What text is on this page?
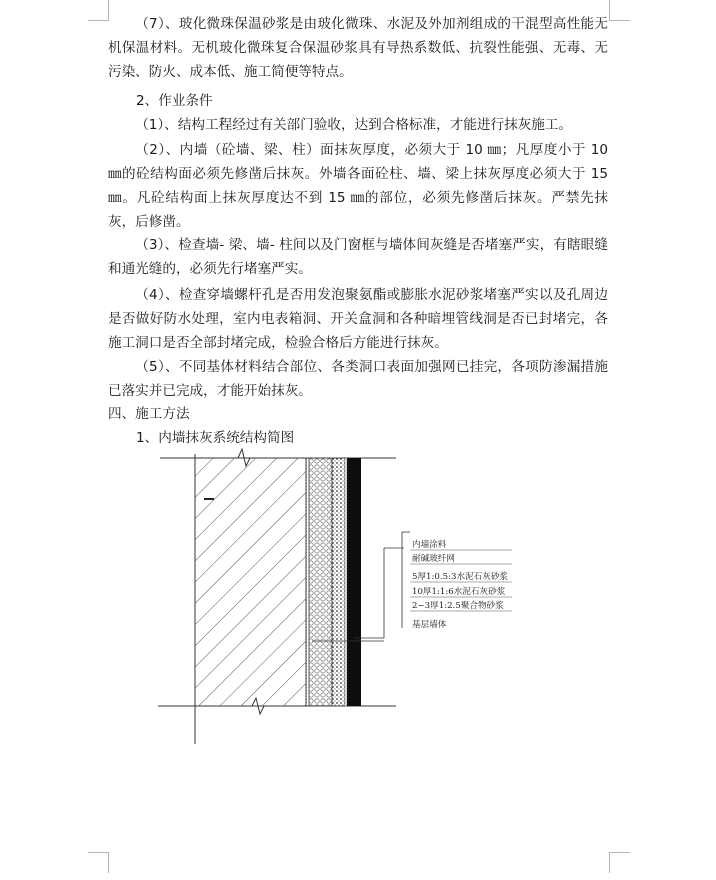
（7）、玻化微珠保温砂浆是由玻化微珠、水泥及外加剂组成的干混型高性能无机保温材料。无机玻化微珠复合保温砂浆具有导热系数低、抗裂性能强、无毒、无污染、防火、成本低、施工简便等特点。

2、作业条件

（1）、结构工程经过有关部门验收，达到合格标准，才能进行抹灰施工。

（2）、内墙（砼墙、梁、柱）面抹灰厚度，必须大于 10 ㎜；凡厚度小于 10 ㎜的砼结构面必须先修凿后抹灰。外墙各面砼柱、墙、梁上抹灰厚度必须大于 15 ㎜。凡砼结构面上抹灰厚度达不到 15 ㎜的部位，必须先修凿后抹灰。严禁先抹灰，后修凿。

（3）、检查墙- 梁、墙- 柱间以及门窗框与墙体间灰缝是否堵塞严实，有瞎眼缝和通光缝的，必须先行堵塞严实。

（4）、检查穿墙螺杆孔是否用发泡聚氨酯或膨胀水泥砂浆堵塞严实以及孔周边是否做好防水处理，室内电表箱洞、开关盒洞和各种暗埋管线洞是否已封堵完，各施工洞口是否全部封堵完成，检验合格后方能进行抹灰。

（5）、不同基体材料结合部位、各类洞口表面加强网已挂完，各项防渗漏措施已落实并已完成，才能开始抹灰。

四、施工方法

1、内墙抹灰系统结构简图

内墙涂料
耐碱玻纤网
5厚1:0.5:3水泥石灰砂浆
10厚1:1:6水泥石灰砂浆
2~3厚1:2.5聚合物砂浆
基层墙体
